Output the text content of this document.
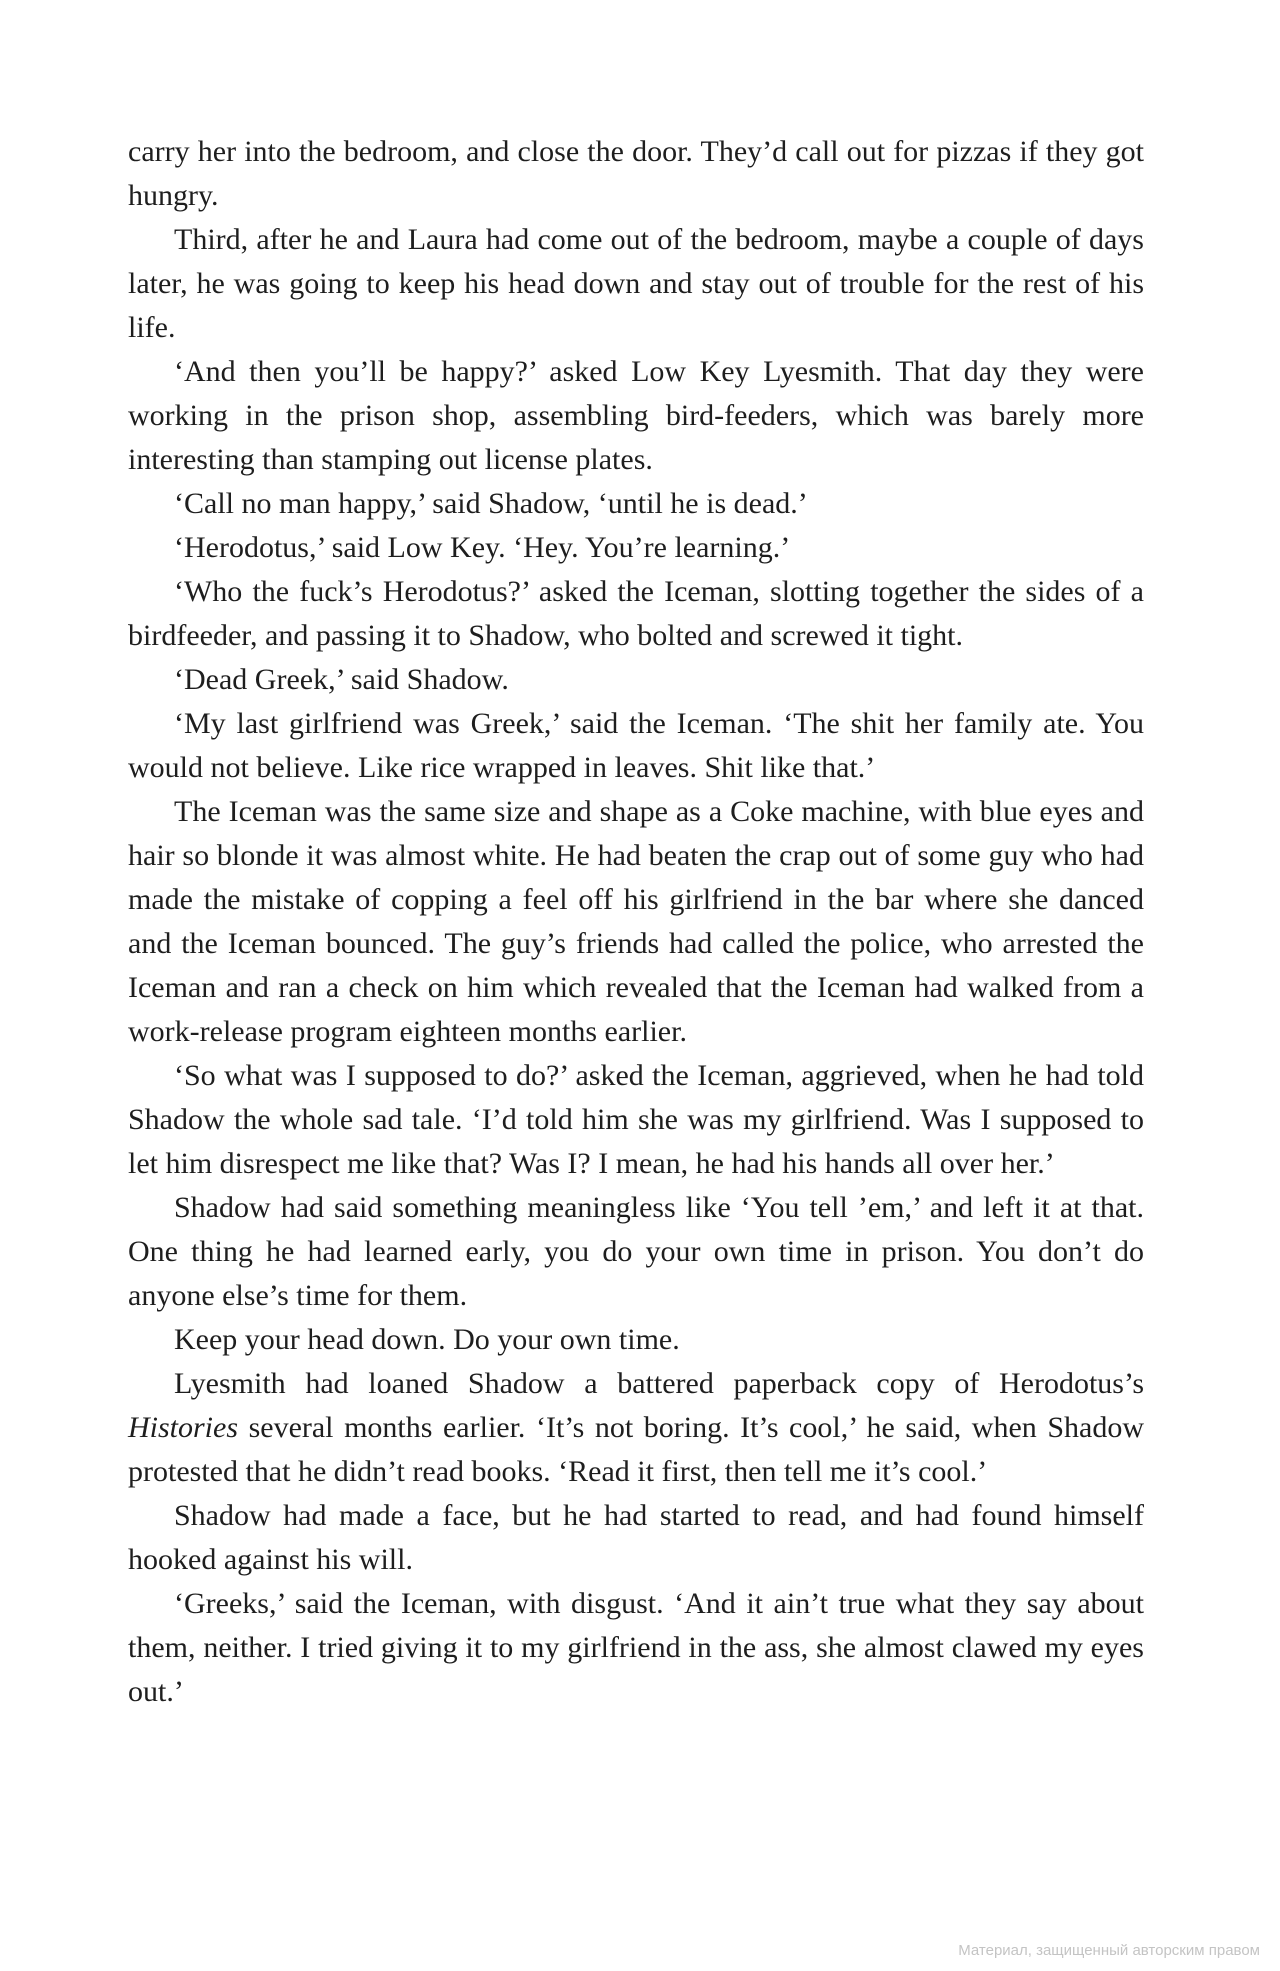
carry her into the bedroom, and close the door. They’d call out for pizzas if they got hungry.

Third, after he and Laura had come out of the bedroom, maybe a couple of days later, he was going to keep his head down and stay out of trouble for the rest of his life.

‘And then you’ll be happy?’ asked Low Key Lyesmith. That day they were working in the prison shop, assembling bird-feeders, which was barely more interesting than stamping out license plates.

‘Call no man happy,’ said Shadow, ‘until he is dead.’

‘Herodotus,’ said Low Key. ‘Hey. You’re learning.’

‘Who the fuck’s Herodotus?’ asked the Iceman, slotting together the sides of a birdfeeder, and passing it to Shadow, who bolted and screwed it tight.

‘Dead Greek,’ said Shadow.

‘My last girlfriend was Greek,’ said the Iceman. ‘The shit her family ate. You would not believe. Like rice wrapped in leaves. Shit like that.’

The Iceman was the same size and shape as a Coke machine, with blue eyes and hair so blonde it was almost white. He had beaten the crap out of some guy who had made the mistake of copping a feel off his girlfriend in the bar where she danced and the Iceman bounced. The guy’s friends had called the police, who arrested the Iceman and ran a check on him which revealed that the Iceman had walked from a work-release program eighteen months earlier.

‘So what was I supposed to do?’ asked the Iceman, aggrieved, when he had told Shadow the whole sad tale. ‘I’d told him she was my girlfriend. Was I supposed to let him disrespect me like that? Was I? I mean, he had his hands all over her.’

Shadow had said something meaningless like ‘You tell ’em,’ and left it at that. One thing he had learned early, you do your own time in prison. You don’t do anyone else’s time for them.

Keep your head down. Do your own time.

Lyesmith had loaned Shadow a battered paperback copy of Herodotus’s Histories several months earlier. ‘It’s not boring. It’s cool,’ he said, when Shadow protested that he didn’t read books. ‘Read it first, then tell me it’s cool.’

Shadow had made a face, but he had started to read, and had found himself hooked against his will.

‘Greeks,’ said the Iceman, with disgust. ‘And it ain’t true what they say about them, neither. I tried giving it to my girlfriend in the ass, she almost clawed my eyes out.’

Материал, защищенный авторским правом
